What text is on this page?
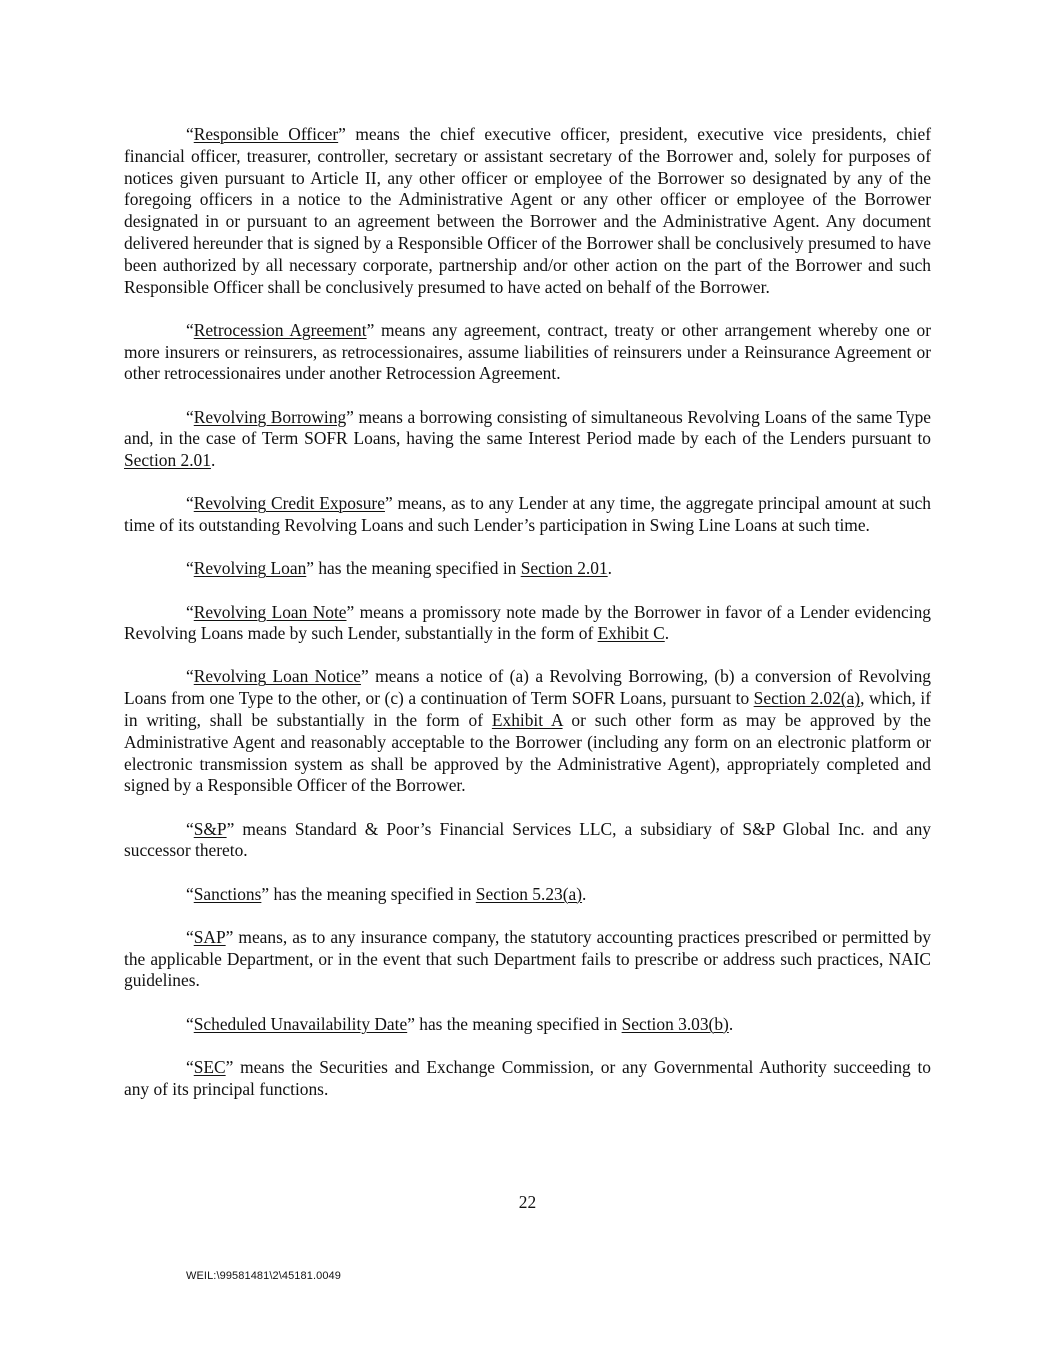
“Responsible Officer” means the chief executive officer, president, executive vice presidents, chief financial officer, treasurer, controller, secretary or assistant secretary of the Borrower and, solely for purposes of notices given pursuant to Article II, any other officer or employee of the Borrower so designated by any of the foregoing officers in a notice to the Administrative Agent or any other officer or employee of the Borrower designated in or pursuant to an agreement between the Borrower and the Administrative Agent. Any document delivered hereunder that is signed by a Responsible Officer of the Borrower shall be conclusively presumed to have been authorized by all necessary corporate, partnership and/or other action on the part of the Borrower and such Responsible Officer shall be conclusively presumed to have acted on behalf of the Borrower.

“Retrocession Agreement” means any agreement, contract, treaty or other arrangement whereby one or more insurers or reinsurers, as retrocessionaires, assume liabilities of reinsurers under a Reinsurance Agreement or other retrocessionaires under another Retrocession Agreement.

“Revolving Borrowing” means a borrowing consisting of simultaneous Revolving Loans of the same Type and, in the case of Term SOFR Loans, having the same Interest Period made by each of the Lenders pursuant to Section 2.01.

“Revolving Credit Exposure” means, as to any Lender at any time, the aggregate principal amount at such time of its outstanding Revolving Loans and such Lender’s participation in Swing Line Loans at such time.

“Revolving Loan” has the meaning specified in Section 2.01.

“Revolving Loan Note” means a promissory note made by the Borrower in favor of a Lender evidencing Revolving Loans made by such Lender, substantially in the form of Exhibit C.

“Revolving Loan Notice” means a notice of (a) a Revolving Borrowing, (b) a conversion of Revolving Loans from one Type to the other, or (c) a continuation of Term SOFR Loans, pursuant to Section 2.02(a), which, if in writing, shall be substantially in the form of Exhibit A or such other form as may be approved by the Administrative Agent and reasonably acceptable to the Borrower (including any form on an electronic platform or electronic transmission system as shall be approved by the Administrative Agent), appropriately completed and signed by a Responsible Officer of the Borrower.

“S&P” means Standard & Poor’s Financial Services LLC, a subsidiary of S&P Global Inc. and any successor thereto.

“Sanctions” has the meaning specified in Section 5.23(a).

“SAP” means, as to any insurance company, the statutory accounting practices prescribed or permitted by the applicable Department, or in the event that such Department fails to prescribe or address such practices, NAIC guidelines.

“Scheduled Unavailability Date” has the meaning specified in Section 3.03(b).

“SEC” means the Securities and Exchange Commission, or any Governmental Authority succeeding to any of its principal functions.

22
WEIL:\99581481\2\45181.0049
